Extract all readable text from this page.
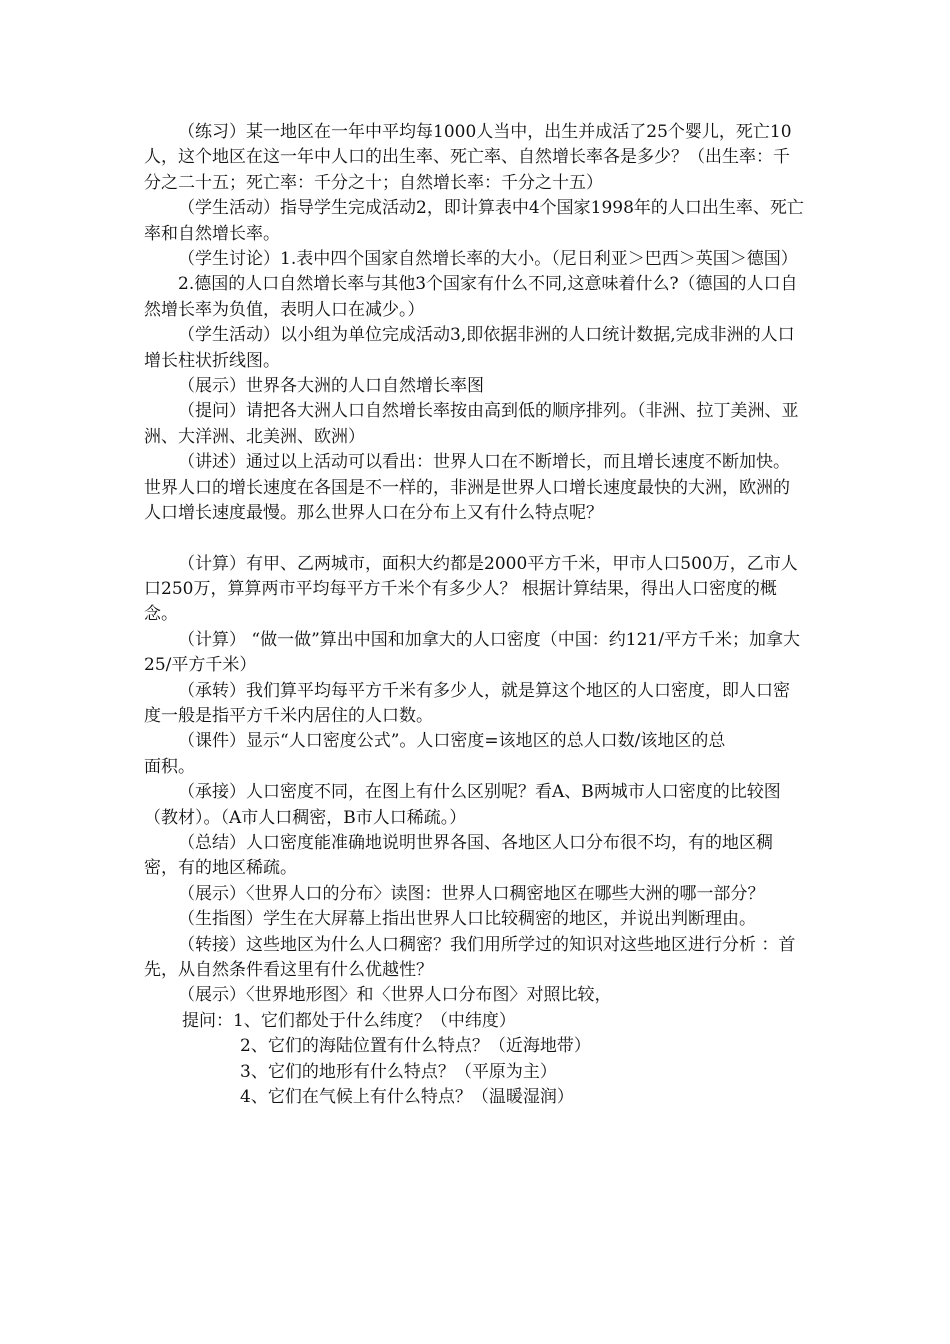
（练习）某一地区在一年中平均每1000人当中，出生并成活了25个婴儿，死亡10人，这个地区在这一年中人口的出生率、死亡率、自然增长率各是多少？（出生率：千分之二十五；死亡率：千分之十；自然增长率：千分之十五）

（学生活动）指导学生完成活动2，即计算表中4个国家1998年的人口出生率、死亡率和自然增长率。

（学生讨论）1.表中四个国家自然增长率的大小。（尼日利亚＞巴西＞英国＞德国）

2.德国的人口自然增长率与其他3个国家有什么不同,这意味着什么?（德国的人口自然增长率为负值，表明人口在减少。）

（学生活动）以小组为单位完成活动3,即依据非洲的人口统计数据,完成非洲的人口增长柱状折线图。

（展示）世界各大洲的人口自然增长率图

（提问）请把各大洲人口自然增长率按由高到低的顺序排列。（非洲、拉丁美洲、亚洲、大洋洲、北美洲、欧洲）

（讲述）通过以上活动可以看出：世界人口在不断增长，而且增长速度不断加快。世界人口的增长速度在各国是不一样的，非洲是世界人口增长速度最快的大洲，欧洲的人口增长速度最慢。那么世界人口在分布上又有什么特点呢？

（计算）有甲、乙两城市，面积大约都是2000平方千米，甲市人口500万，乙市人口250万，算算两市平均每平方千米个有多少人？ 根据计算结果，得出人口密度的概念。

（计算） “做一做”算出中国和加拿大的人口密度（中国：约121/平方千米；加拿大25/平方千米）

（承转）我们算平均每平方千米有多少人，就是算这个地区的人口密度，即人口密度一般是指平方千米内居住的人口数。

（课件）显示“人口密度公式”。人口密度=该地区的总人口数/该地区的总

面积。

（承接）人口密度不同，在图上有什么区别呢？看A、B两城市人口密度的比较图（教材）。（A市人口稠密，B市人口稀疏。）

（总结）人口密度能准确地说明世界各国、各地区人口分布很不均，有的地区稠密，有的地区稀疏。

（展示）〈世界人口的分布〉读图：世界人口稠密地区在哪些大洲的哪一部分？

（生指图）学生在大屏幕上指出世界人口比较稠密的地区，并说出判断理由。

（转接）这些地区为什么人口稠密？我们用所学过的知识对这些地区进行分析 ：首先，从自然条件看这里有什么优越性？

（展示）〈世界地形图〉和〈世界人口分布图〉对照比较，

提问：1、它们都处于什么纬度？（中纬度）

2、它们的海陆位置有什么特点？（近海地带）

3、它们的地形有什么特点？（平原为主）

4、它们在气候上有什么特点？（温暖湿润）
